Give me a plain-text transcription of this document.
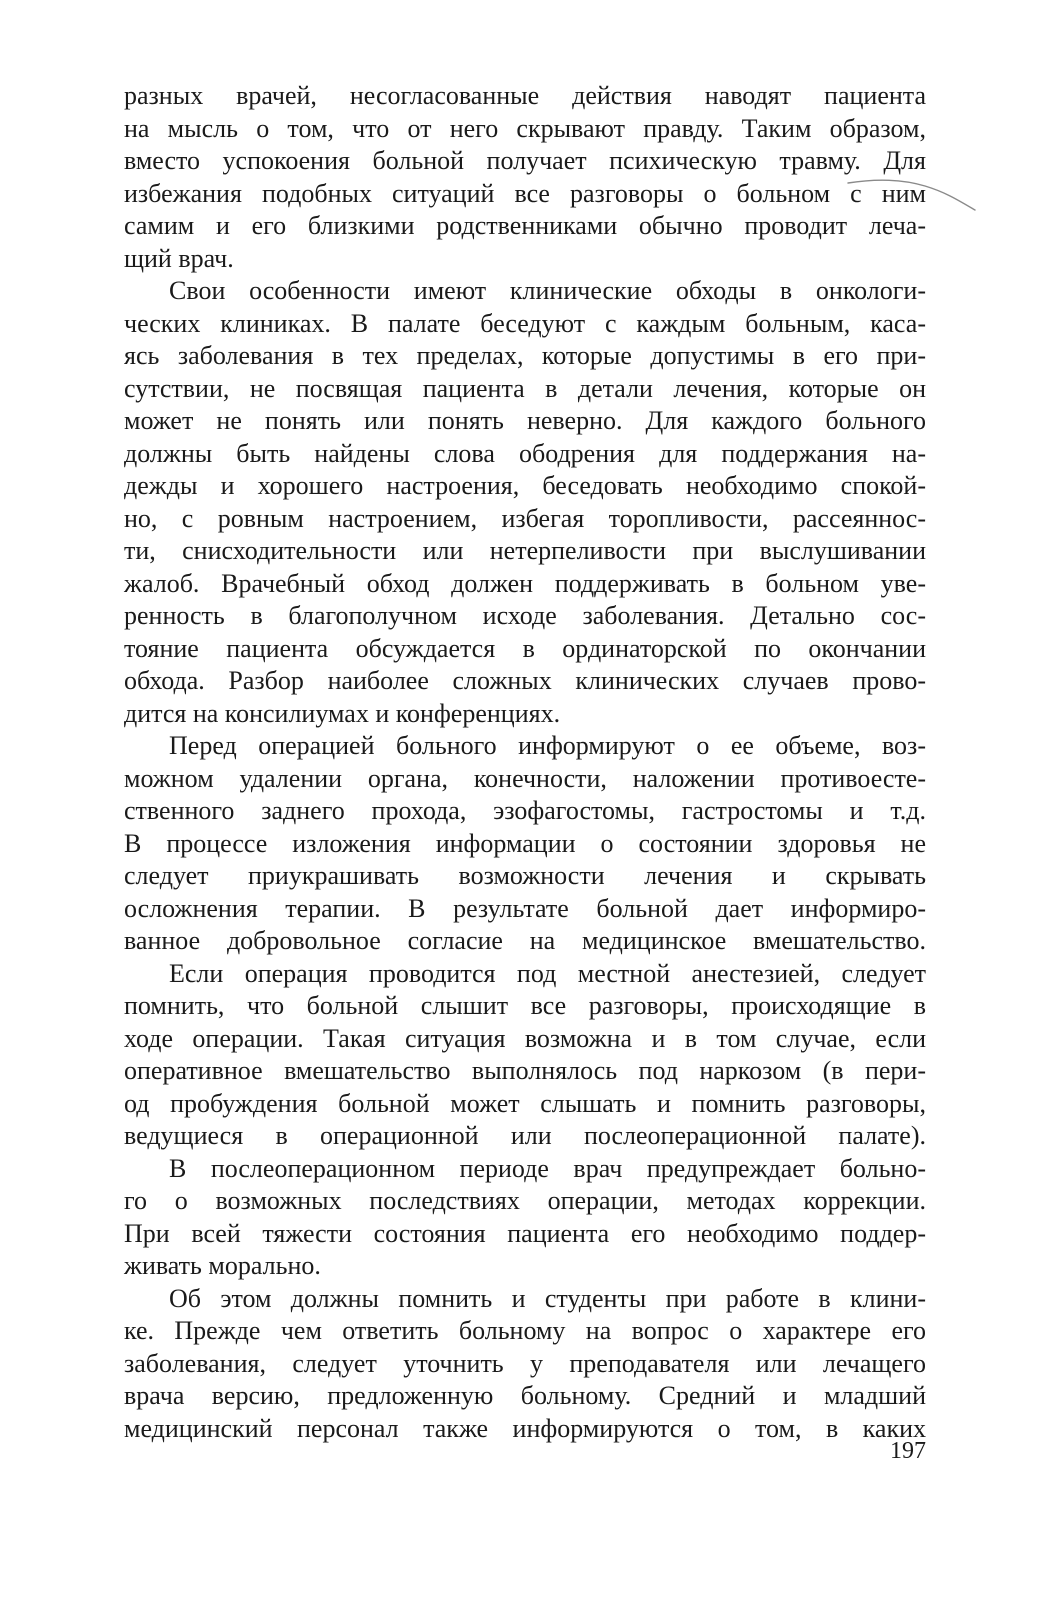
разных врачей, несогласованные действия наводят пациента
на мысль о том, что от него скрывают правду. Таким образом,
вместо успокоения больной получает психическую травму. Для
избежания подобных ситуаций все разговоры о больном с ним
самим и его близкими родственниками обычно проводит леча-
щий врач.
Свои особенности имеют клинические обходы в онкологи-
ческих клиниках. В палате беседуют с каждым больным, каса-
ясь заболевания в тех пределах, которые допустимы в его при-
сутствии, не посвящая пациента в детали лечения, которые он
может не понять или понять неверно. Для каждого больного
должны быть найдены слова ободрения для поддержания на-
дежды и хорошего настроения, беседовать необходимо спокой-
но, с ровным настроением, избегая торопливости, рассеяннос-
ти, снисходительности или нетерпеливости при выслушивании
жалоб. Врачебный обход должен поддерживать в больном уве-
ренность в благополучном исходе заболевания. Детально сос-
тояние пациента обсуждается в ординаторской по окончании
обхода. Разбор наиболее сложных клинических случаев прово-
дится на консилиумах и конференциях.
Перед операцией больного информируют о ее объеме, воз-
можном удалении органа, конечности, наложении противоесте-
ственного заднего прохода, эзофагостомы, гастростомы и т.д.
В процессе изложения информации о состоянии здоровья не
следует приукрашивать возможности лечения и скрывать
осложнения терапии. В результате больной дает информиро-
ванное добровольное согласие на медицинское вмешательство.
Если операция проводится под местной анестезией, следует
помнить, что больной слышит все разговоры, происходящие в
ходе операции. Такая ситуация возможна и в том случае, если
оперативное вмешательство выполнялось под наркозом (в пери-
од пробуждения больной может слышать и помнить разговоры,
ведущиеся в операционной или послеоперационной палате).
В послеоперационном периоде врач предупреждает больно-
го о возможных последствиях операции, методах коррекции.
При всей тяжести состояния пациента его необходимо поддер-
живать морально.
Об этом должны помнить и студенты при работе в клини-
ке. Прежде чем ответить больному на вопрос о характере его
заболевания, следует уточнить у преподавателя или лечащего
врача версию, предложенную больному. Средний и младший
медицинский персонал также информируются о том, в каких
197
